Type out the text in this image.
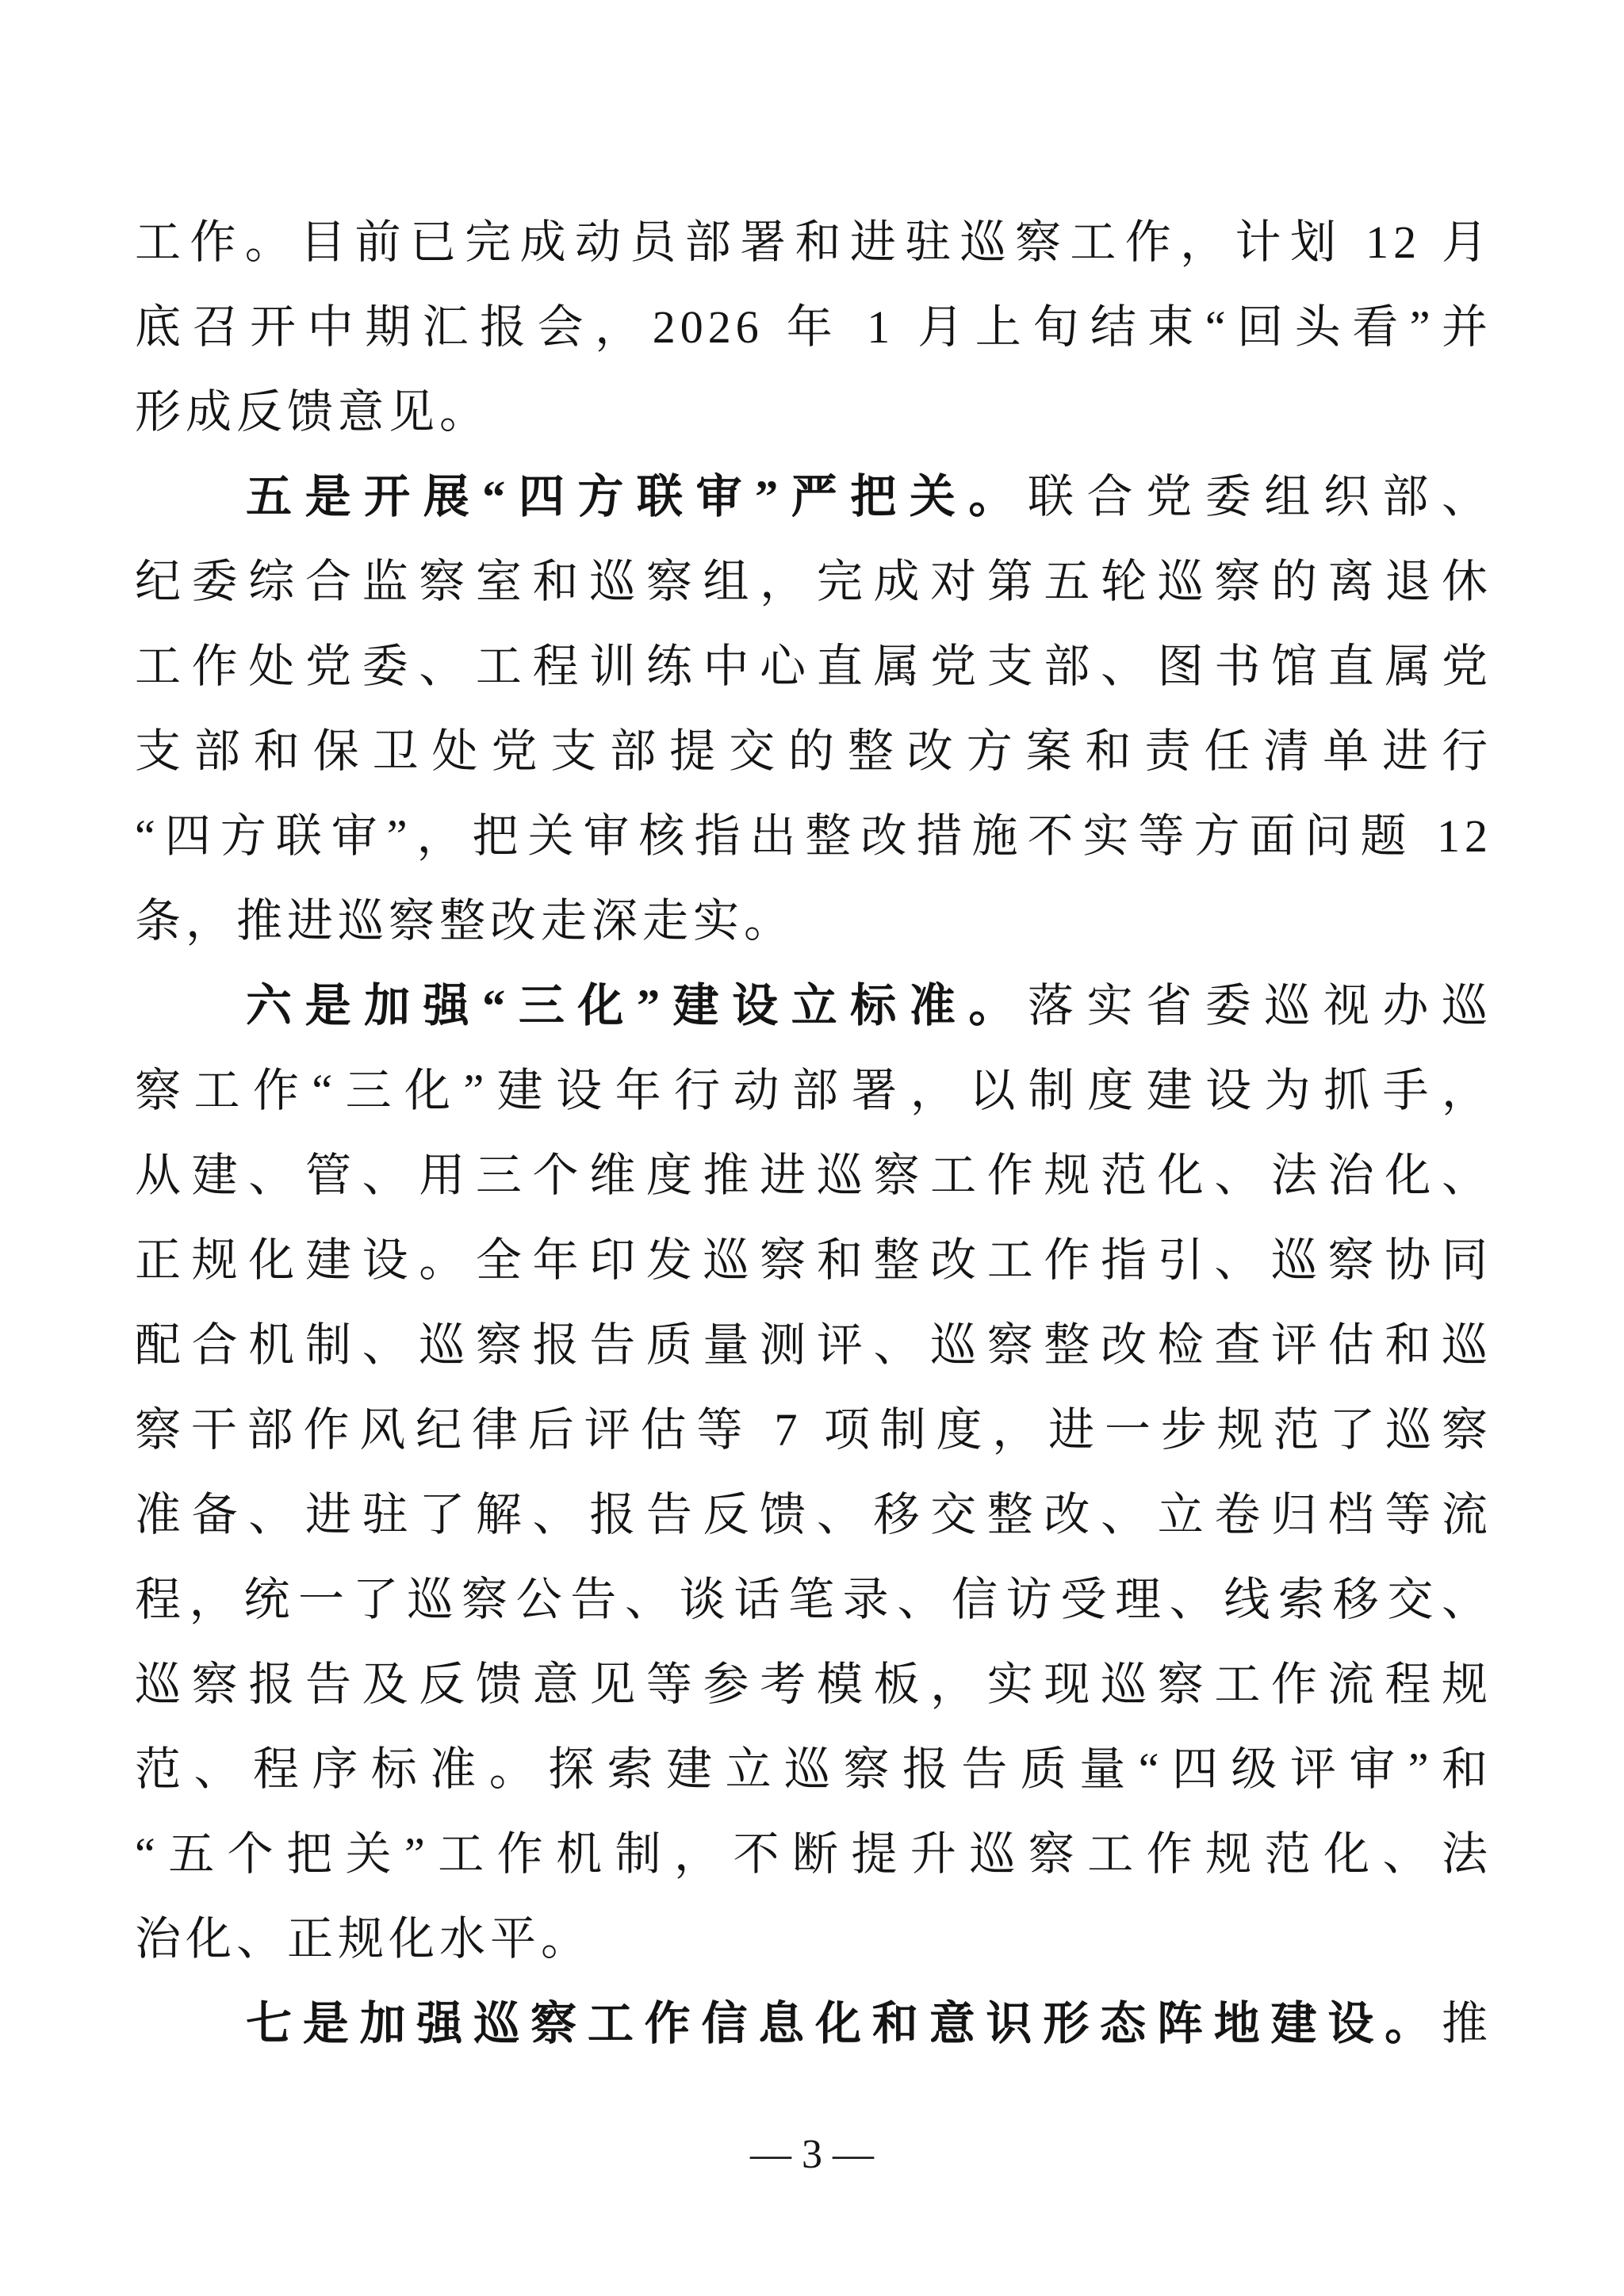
工作。目前已完成动员部署和进驻巡察工作，计划 12 月
底召开中期汇报会，2026 年 1 月上旬结束“回头看”并
形成反馈意见。
五是开展“四方联审”严把关。联合党委组织部、
纪委综合监察室和巡察组，完成对第五轮巡察的离退休
工作处党委、工程训练中心直属党支部、图书馆直属党
支部和保卫处党支部提交的整改方案和责任清单进行
“四方联审”，把关审核指出整改措施不实等方面问题 12
条，推进巡察整改走深走实。
六是加强“三化”建设立标准。落实省委巡视办巡
察工作“三化”建设年行动部署，以制度建设为抓手，
从建、管、用三个维度推进巡察工作规范化、法治化、
正规化建设。全年印发巡察和整改工作指引、巡察协同
配合机制、巡察报告质量测评、巡察整改检查评估和巡
察干部作风纪律后评估等 7 项制度，进一步规范了巡察
准备、进驻了解、报告反馈、移交整改、立卷归档等流
程，统一了巡察公告、谈话笔录、信访受理、线索移交、
巡察报告及反馈意见等参考模板，实现巡察工作流程规
范、程序标准。探索建立巡察报告质量“四级评审”和
“五个把关”工作机制，不断提升巡察工作规范化、法
治化、正规化水平。
七是加强巡察工作信息化和意识形态阵地建设。推
— 3 —
